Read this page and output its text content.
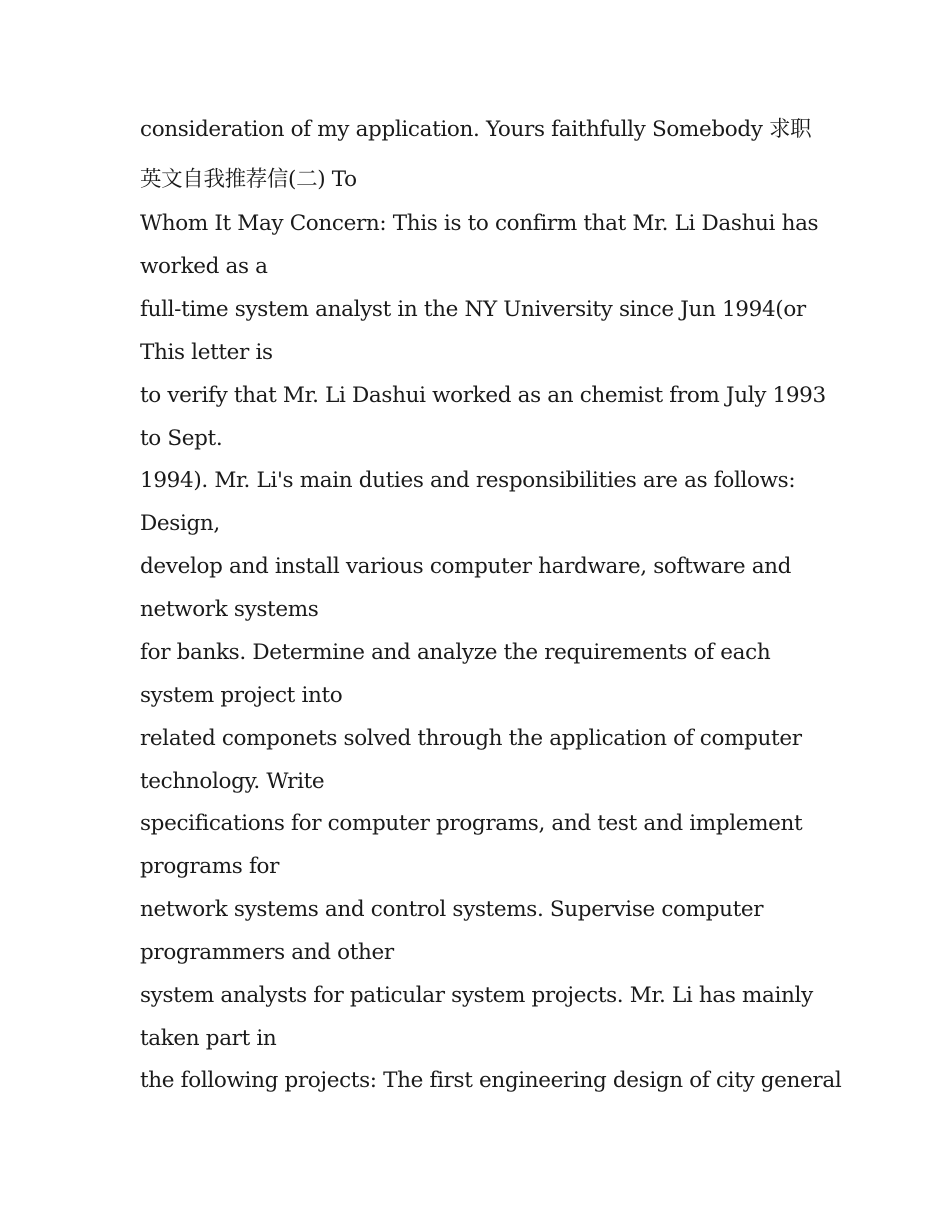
consideration of my application. Yours faithfully Somebody 求职

英文自我推荐信(二) To

Whom It May Concern: This is to confirm that Mr. Li Dashui has

worked as a

full-time system analyst in the NY University since Jun 1994(or

This letter is

to verify that Mr. Li Dashui worked as an chemist from July 1993

to Sept.

1994). Mr. Li's main duties and responsibilities are as follows:

Design,

develop and install various computer hardware, software and

network systems

for banks. Determine and analyze the requirements of each

system project into

related componets solved through the application of computer

technology. Write

specifications for computer programs, and test and implement

programs for

network systems and control systems. Supervise computer

programmers and other

system analysts for paticular system projects. Mr. Li has mainly

taken part in

the following projects: The first engineering design of city general
